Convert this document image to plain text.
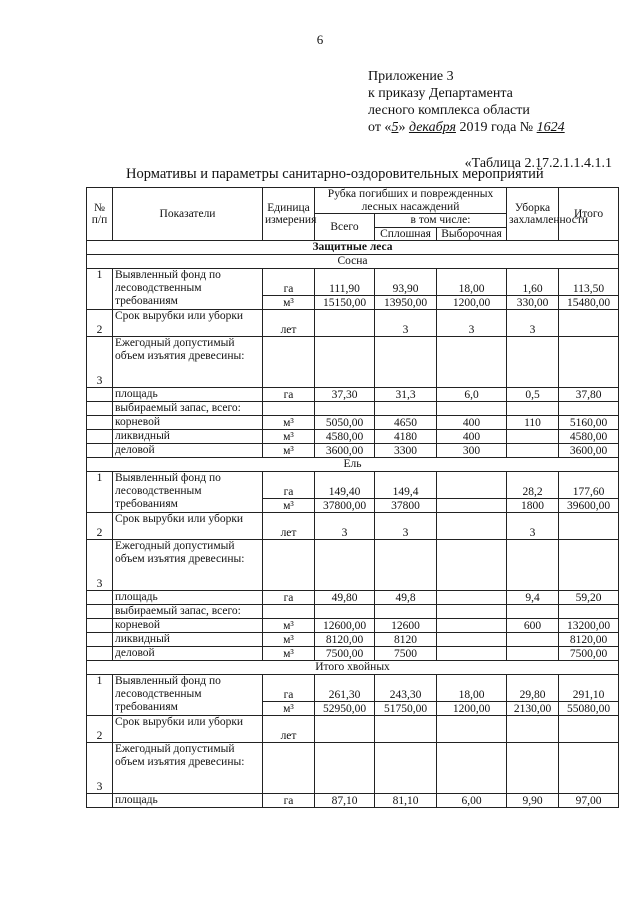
6
Приложение 3
к приказу Департамента
лесного комплекса области
от «5» декабря 2019 года № 1624
«Таблица 2.17.2.1.1.4.1.1
Нормативы и параметры санитарно-оздоровительных мероприятий
№ п/п	Показатели	Единица измерения	Рубка погибших и поврежденных лесных насаждений			Уборка захламленности	Итого
			Всего	в том числе:			
				Сплошная	Выборочная		
Защитные леса							
Сосна							
1	Выявленный фонд по лесоводственным требованиям	га	111,90	93,90	18,00	1,60	113,50
		м³	15150,00	13950,00	1200,00	330,00	15480,00
2	Срок вырубки или уборки	лет		3	3	3	
3	Ежегодный допустимый объем изъятия древесины:						
	площадь	га	37,30	31,3	6,0	0,5	37,80
	выбираемый запас, всего:						
	корневой	м³	5050,00	4650	400	110	5160,00
	ликвидный	м³	4580,00	4180	400		4580,00
	деловой	м³	3600,00	3300	300		3600,00
Ель							
1	Выявленный фонд по лесоводственным требованиям	га	149,40	149,4		28,2	177,60
		м³	37800,00	37800		1800	39600,00
2	Срок вырубки или уборки	лет	3	3		3	
3	Ежегодный допустимый объем изъятия древесины:						
	площадь	га	49,80	49,8		9,4	59,20
	выбираемый запас, всего:						
	корневой	м³	12600,00	12600		600	13200,00
	ликвидный	м³	8120,00	8120			8120,00
	деловой	м³	7500,00	7500			7500,00
Итого хвойных							
1	Выявленный фонд по лесоводственным требованиям	га	261,30	243,30	18,00	29,80	291,10
		м³	52950,00	51750,00	1200,00	2130,00	55080,00
2	Срок вырубки или уборки	лет					
3	Ежегодный допустимый объем изъятия древесины:						
	площадь	га	87,10	81,10	6,00	9,90	97,00
